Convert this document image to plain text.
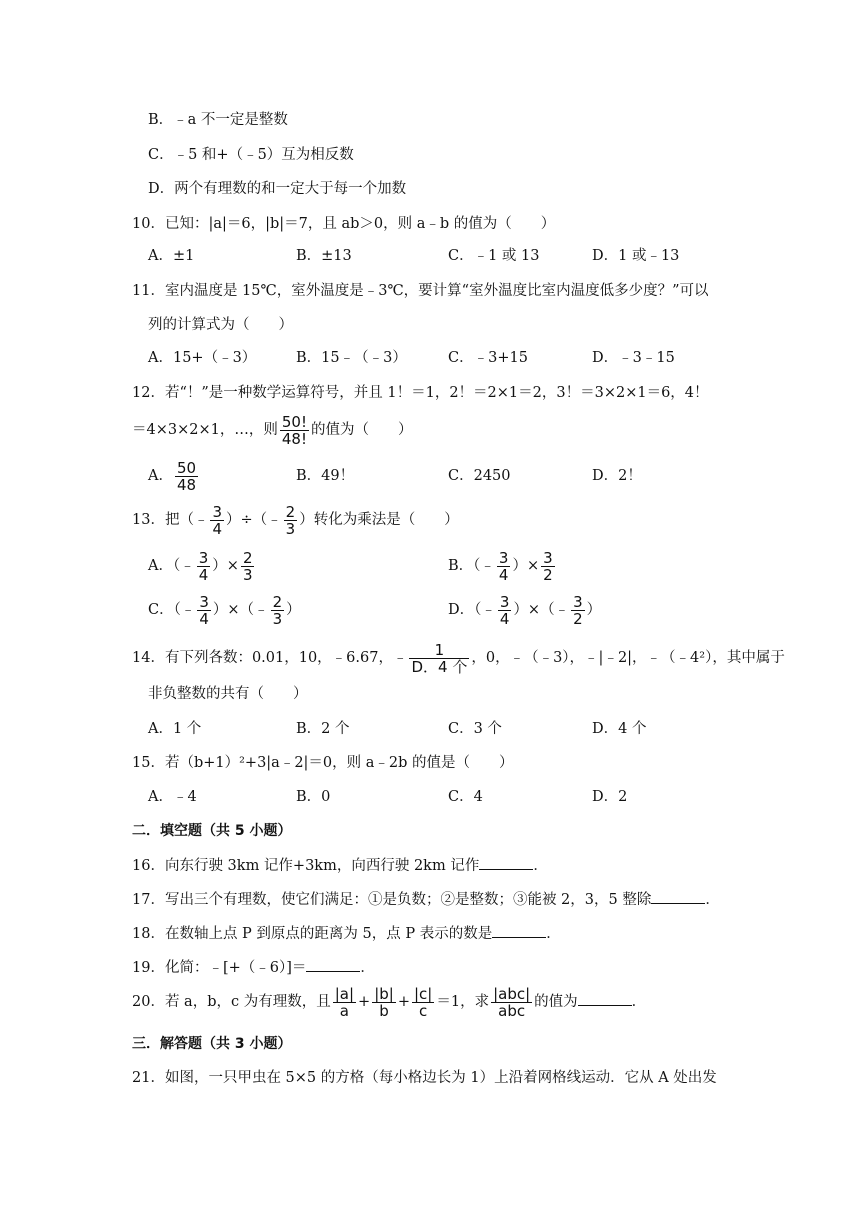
B．﹣a 不一定是整数
C．﹣5 和+（﹣5）互为相反数
D．两个有理数的和一定大于每一个加数
10．已知：|a|＝6，|b|＝7，且 ab＞0，则 a﹣b 的值为（　　）
A．±1	B．±13	C．﹣1 或 13	D．1 或﹣13
11．室内温度是 15℃，室外温度是﹣3℃，要计算“室外温度比室内温度低多少度？”可以
列的计算式为（　　）
A．15+（﹣3）	B．15﹣（﹣3）	C．﹣3+15	D．﹣3﹣15
12．若“！”是一种数学运算符号，并且 1！＝1，2！＝2×1＝2，3！＝3×2×1＝6，4！
＝4×3×2×1，…，则 $\frac{50!}{48!}$ 的值为（　　）
A． $\frac{50}{48}$	B．49！	C．2450	D．2！
13．把（﹣ $\frac{3}{4}$ ）÷（﹣ $\frac{2}{3}$ ）转化为乘法是（　　）
A．（﹣ $\frac{3}{4}$ ）× $\frac{2}{3}$	B．（﹣ $\frac{3}{4}$ ）× $\frac{3}{2}$
C．（﹣ $\frac{3}{4}$ ）×（﹣ $\frac{2}{3}$ ）	D．（﹣ $\frac{3}{4}$ ）×（﹣ $\frac{3}{2}$ ）
14．有下列各数：0.01，10，﹣6.67，﹣ $\frac{1}{\text{D．4 个}}$ ，0，﹣（﹣3），﹣|﹣2|，﹣（﹣4²），其中属于
非负整数的共有（　　）
A．1 个	B．2 个	C．3 个	D．4 个
15．若（b+1）²+3|a﹣2|＝0，则 a﹣2b 的值是（　　）
A．﹣4	B．0	C．4	D．2
二．填空题（共 5 小题）
16．向东行驶 3km 记作+3km，向西行驶 2km 记作	．
17．写出三个有理数，使它们满足：①是负数；②是整数；③能被 2，3，5 整除	．
18．在数轴上点 P 到原点的距离为 5，点 P 表示的数是	．
19．化简：﹣[+（﹣6）]＝	．
20．若 a，b，c 为有理数，且 $\frac{|a|}{a} + \frac{|b|}{b} + \frac{|c|}{c} =1$，求 $\frac{\text{|abc|}}{\text{abc}}$ 的值为	．
三．解答题（共 3 小题）
21．如图，一只甲虫在 5×5 的方格（每小格边长为 1）上沿着网格线运动．它从 A 处出发
